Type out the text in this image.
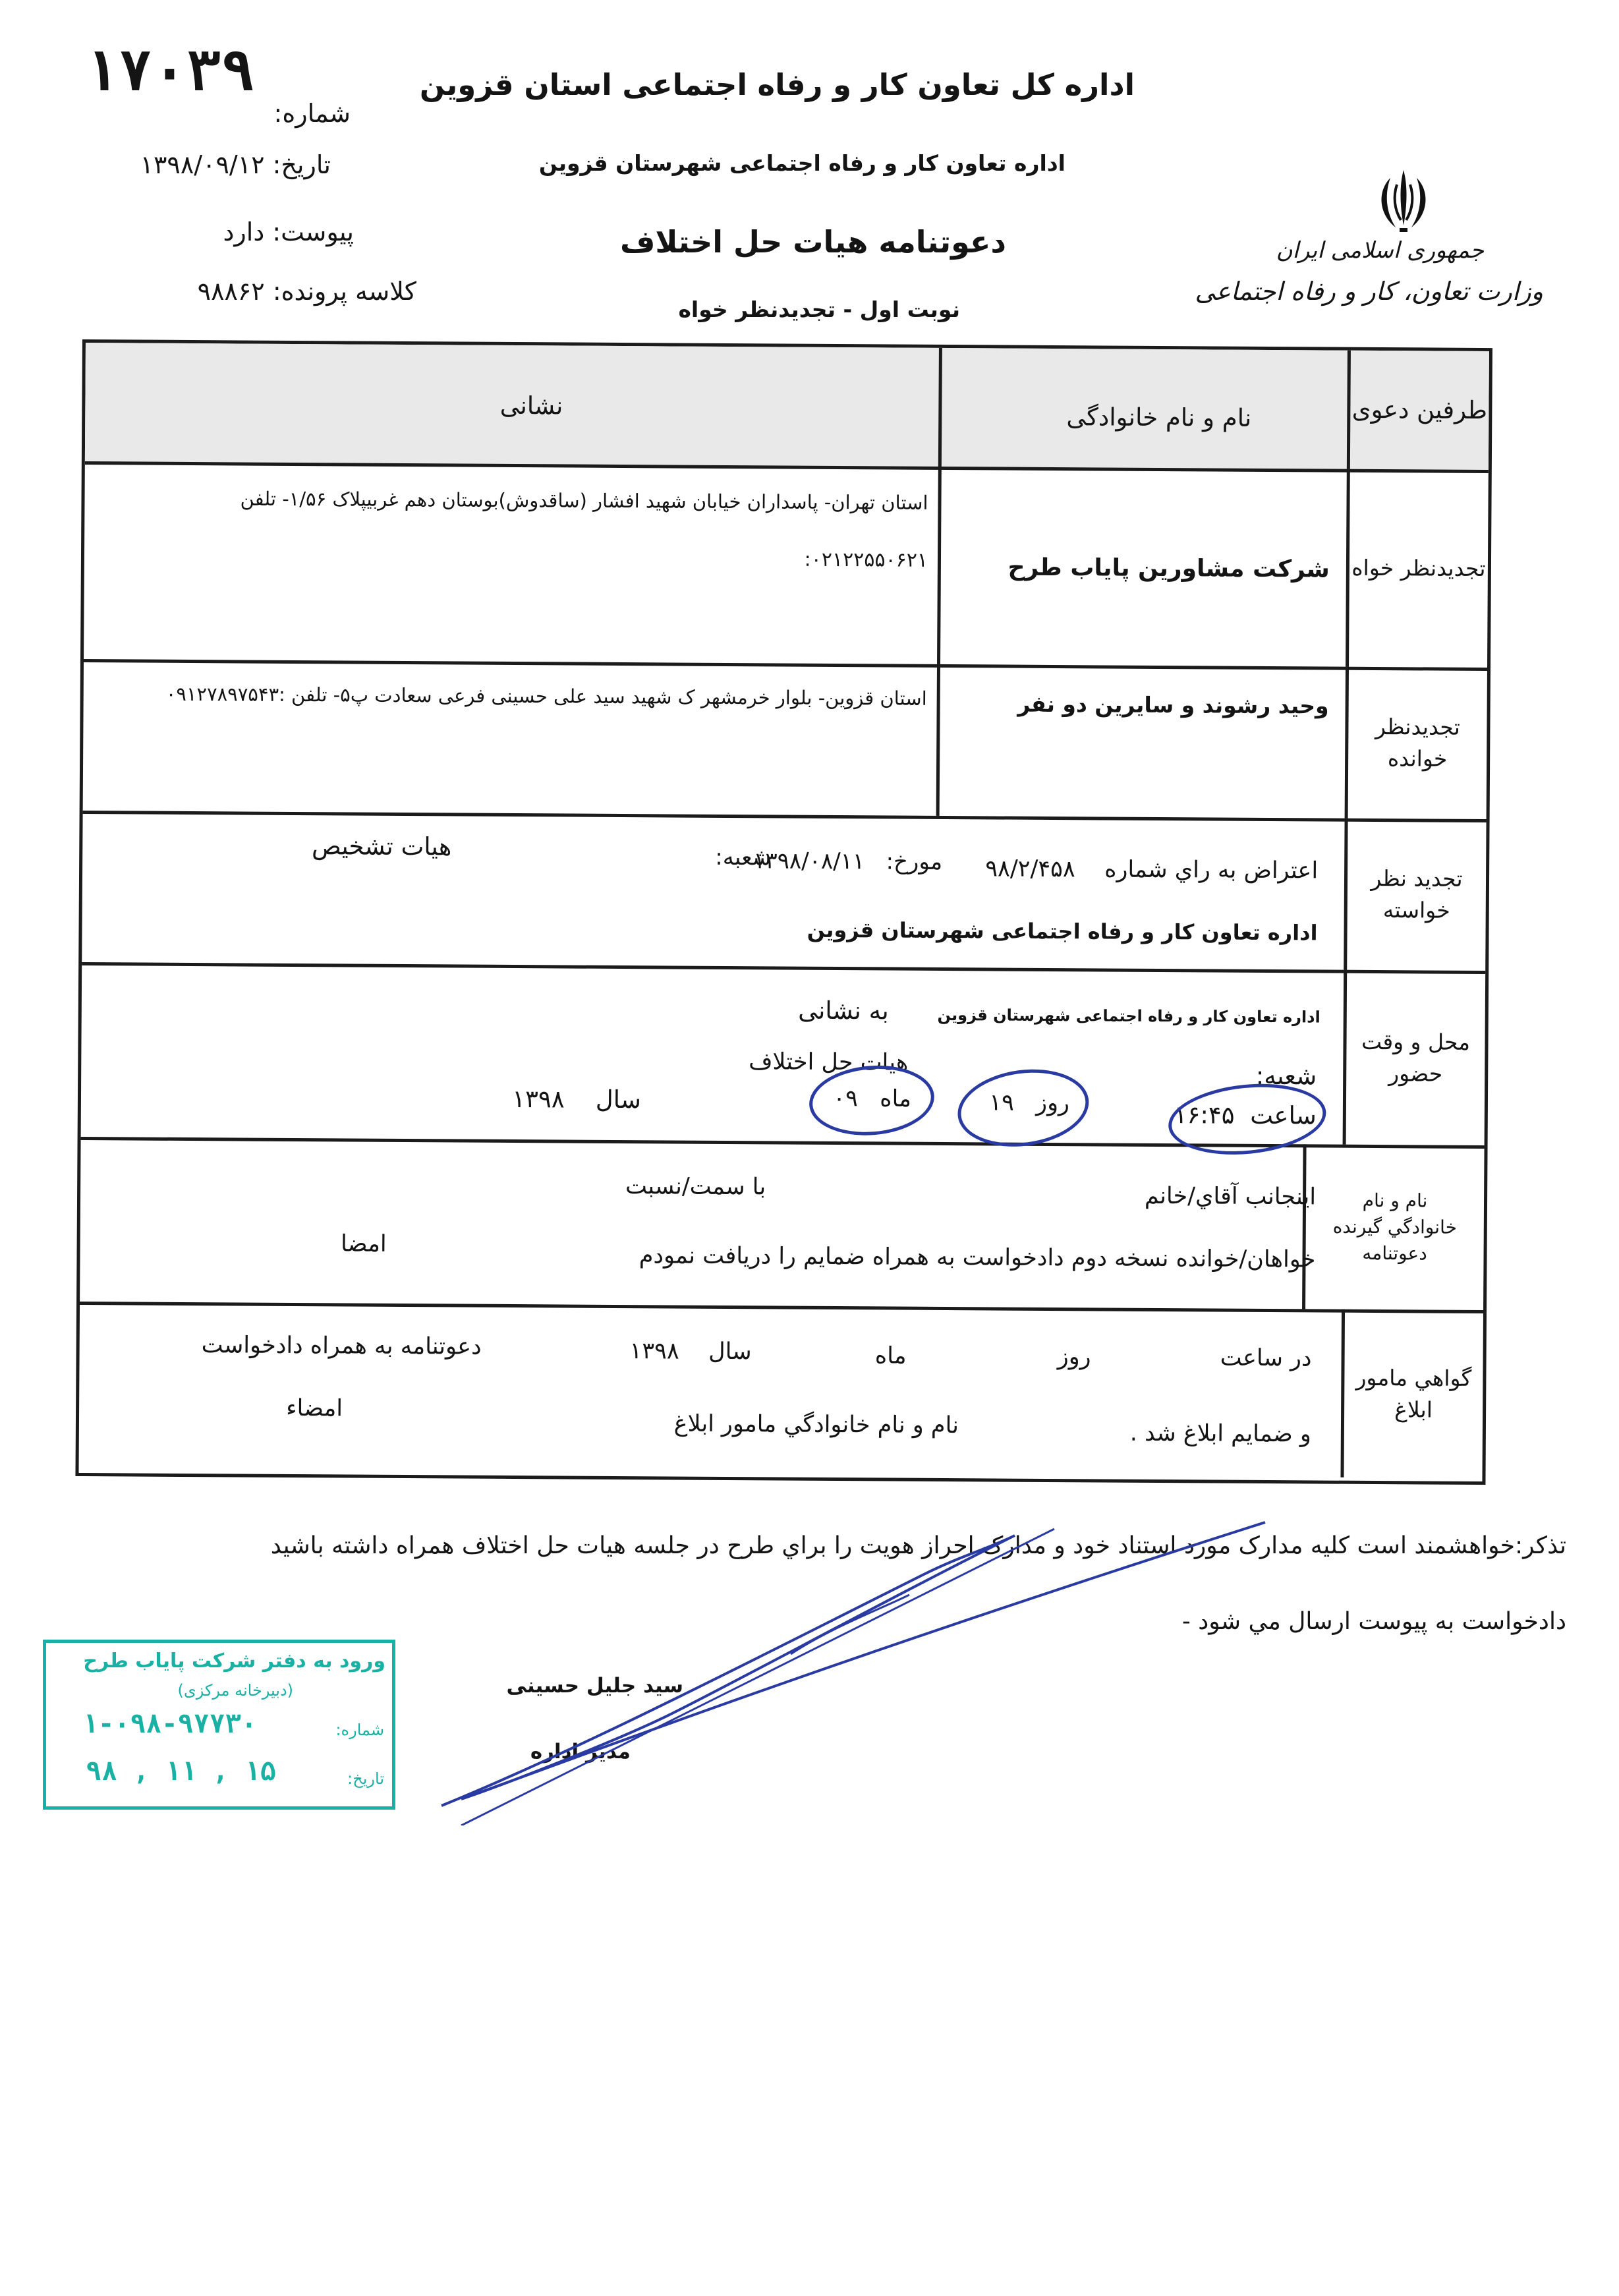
۱۷۰۳۹
شماره:
تاریخ: ۱۳۹۸/۰۹/۱۲
پیوست: دارد
کلاسه پرونده: ۹۸۸۶۲
اداره کل تعاون کار و رفاه اجتماعی استان قزوین
اداره تعاون کار و رفاه اجتماعی شهرستان قزوین
دعوتنامه هیات حل اختلاف
نوبت اول - تجدیدنظر خواه
جمهوری اسلامی ایران
وزارت تعاون، کار و رفاه اجتماعی
طرفین دعوی
نام و نام خانوادگی
نشانی
تجدیدنظر خواه
شرکت مشاورین پایاب طرح
استان تهران- پاسداران خیابان شهید افشار (ساقدوش)بوستان دهم غربیپلاک ۱/۵۶- تلفن
۰۲۱۲۲۵۵۰۶۲۱:
تجدیدنظر خوانده
وحید رشوند و سایرین دو نفر
استان قزوین- بلوار خرمشهر ک شهید سید علی حسینی فرعی سعادت پ۵- تلفن :۰۹۱۲۷۸۹۷۵۴۳
تجدید نظر خواسته
اعتراض به راي شماره    ۹۸/۲/۴۵۸
مورخ:   ۱۳۹۸/۰۸/۱۱
شعبه:
هیات تشخیص
اداره تعاون کار و رفاه اجتماعی شهرستان قزوین
محل و وقت حضور
اداره تعاون کار و رفاه اجتماعی شهرستان قزوین
به نشانی
هیات حل اختلاف	شعبه:
ساعت  ۱۶:۴۵
روز   ۱۹
ماه   ۰۹
سال    ۱۳۹۸
نام و نام خانوادگي گيرنده دعوتنامه
اينجانب آقاي/خانم
با سمت/نسبت
خواهان/خوانده نسخه دوم دادخواست به همراه ضمايم را دريافت نمودم
امضا
گواهي مامور ابلاغ
در ساعت
روز
ماه
سال    ۱۳۹۸
دعوتنامه به همراه دادخواست
و ضمايم ابلاغ شد .
نام و نام خانوادگي مامور ابلاغ
امضاء
تذکر:خواهشمند است کلیه مدارک مورد استناد خود و مدارک احراز هویت را براي طرح در جلسه هیات حل اختلاف همراه داشته باشید
دادخواست به پیوست ارسال مي شود -
سید جلیل حسینی
مدیر اداره
ورود به دفتر شرکت پایاب طرح
(دبیرخانه مرکزی)
شماره:
۱-۰۹۸-۹۷۷۳۰
تاریخ:
۹۸ , ۱۱ , ۱۵
